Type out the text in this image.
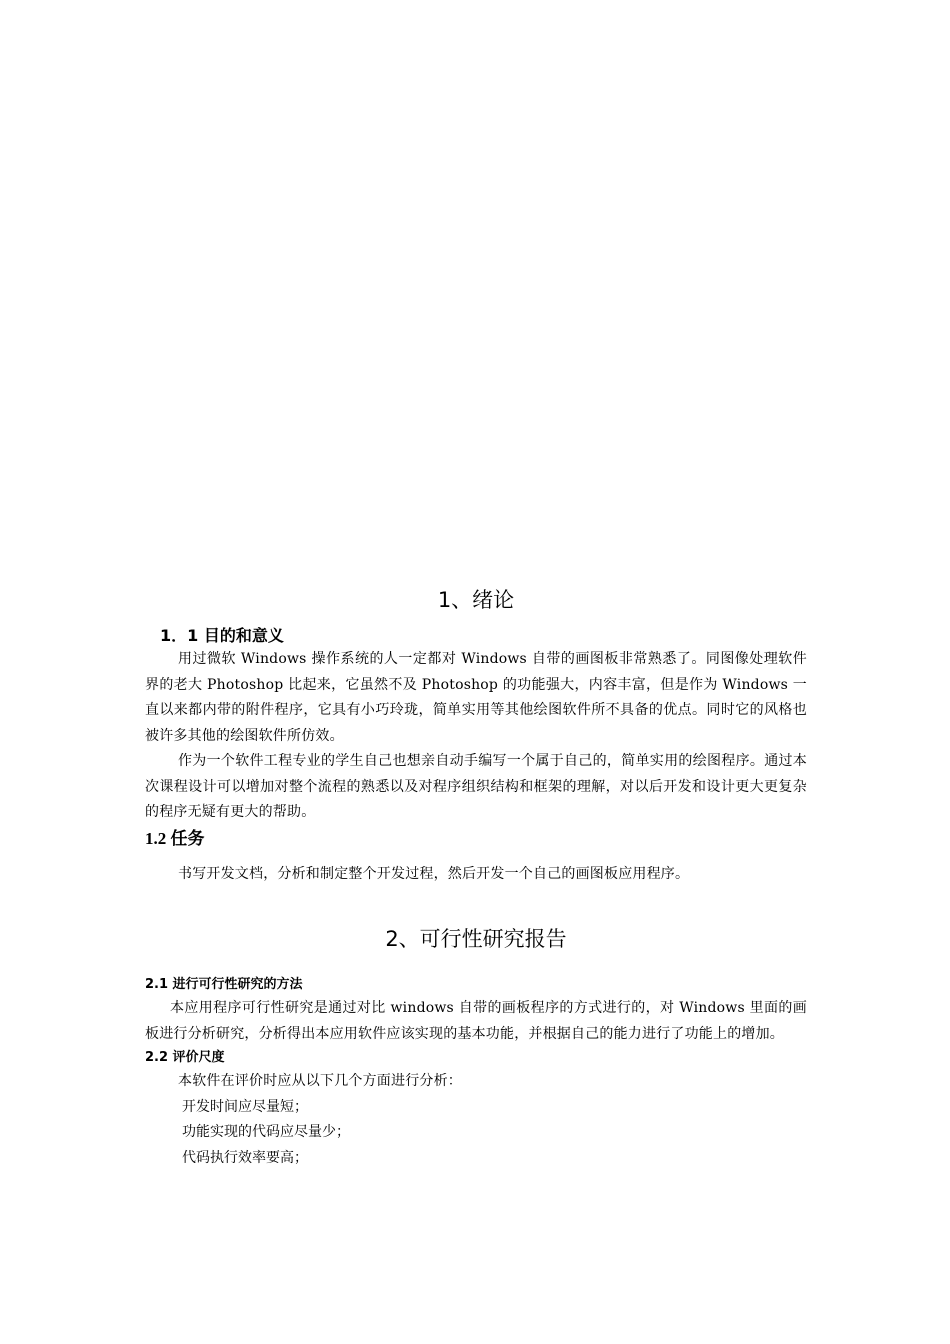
1、绪论
1．1 目的和意义

用过微软 Windows 操作系统的人一定都对 Windows 自带的画图板非常熟悉了。同图像处理软件界的老大 Photoshop 比起来，它虽然不及 Photoshop 的功能强大，内容丰富，但是作为 Windows 一直以来都内带的附件程序，它具有小巧玲珑，简单实用等其他绘图软件所不具备的优点。同时它的风格也被许多其他的绘图软件所仿效。

作为一个软件工程专业的学生自己也想亲自动手编写一个属于自己的，简单实用的绘图程序。通过本次课程设计可以增加对整个流程的熟悉以及对程序组织结构和框架的理解，对以后开发和设计更大更复杂的程序无疑有更大的帮助。

1.2 任务

书写开发文档，分析和制定整个开发过程，然后开发一个自己的画图板应用程序。

2、可行性研究报告
2.1 进行可行性研究的方法

本应用程序可行性研究是通过对比 windows 自带的画板程序的方式进行的，对 Windows 里面的画板进行分析研究，分析得出本应用软件应该实现的基本功能，并根据自己的能力进行了功能上的增加。

2.2 评价尺度

本软件在评价时应从以下几个方面进行分析：

开发时间应尽量短；

功能实现的代码应尽量少；

代码执行效率要高；
